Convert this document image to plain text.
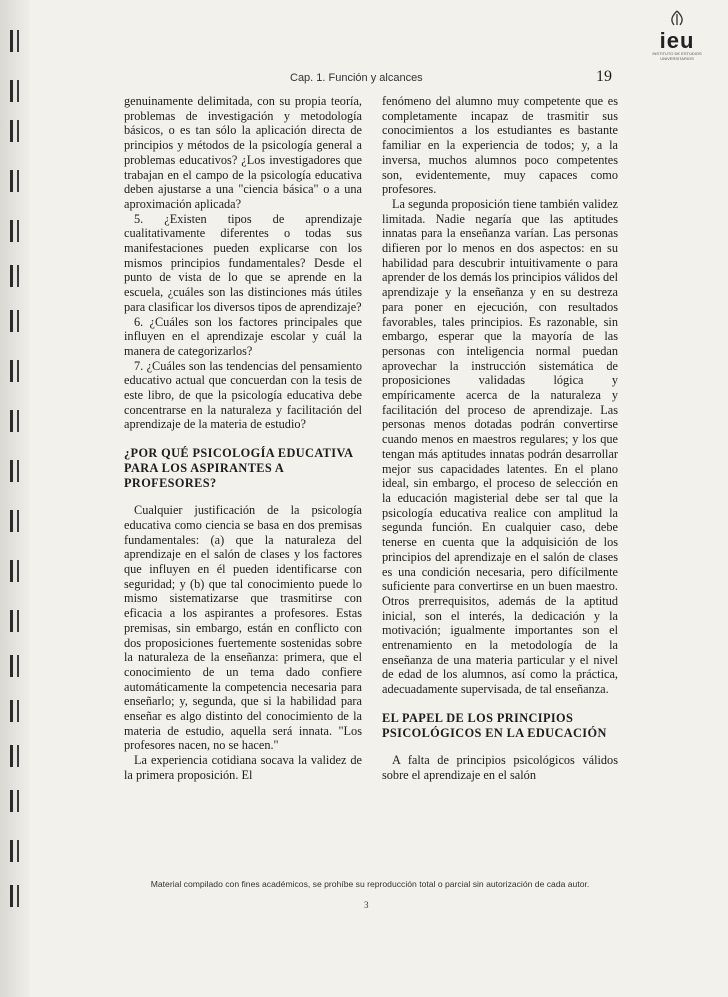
ieu
INSTITUTO DE ESTUDIOS UNIVERSITARIOS
Cap. 1. Función y alcances	19

genuinamente delimitada, con su propia teoría, problemas de investigación y metodología básicos, o es tan sólo la aplicación directa de principios y métodos de la psicología general a problemas educativos? ¿Los investigadores que trabajan en el campo de la psicología educativa deben ajustarse a una "ciencia básica" o a una aproximación aplicada?

5. ¿Existen tipos de aprendizaje cualitativamente diferentes o todas sus manifestaciones pueden explicarse con los mismos principios fundamentales? Desde el punto de vista de lo que se aprende en la escuela, ¿cuáles son las distinciones más útiles para clasificar los diversos tipos de aprendizaje?

6. ¿Cuáles son los factores principales que influyen en el aprendizaje escolar y cuál la manera de categorizarlos?

7. ¿Cuáles son las tendencias del pensamiento educativo actual que concuerdan con la tesis de este libro, de que la psicología educativa debe concentrarse en la naturaleza y facilitación del aprendizaje de la materia de estudio?

¿POR QUÉ PSICOLOGÍA EDUCATIVA PARA LOS ASPIRANTES A PROFESORES?

Cualquier justificación de la psicología educativa como ciencia se basa en dos premisas fundamentales: (a) que la naturaleza del aprendizaje en el salón de clases y los factores que influyen en él pueden identificarse con seguridad; y (b) que tal conocimiento puede lo mismo sistematizarse que trasmitirse con eficacia a los aspirantes a profesores. Estas premisas, sin embargo, están en conflicto con dos proposiciones fuertemente sostenidas sobre la naturaleza de la enseñanza: primera, que el conocimiento de un tema dado confiere automáticamente la competencia necesaria para enseñarlo; y, segunda, que si la habilidad para enseñar es algo distinto del conocimiento de la materia de estudio, aquella será innata. "Los profesores nacen, no se hacen."

La experiencia cotidiana socava la validez de la primera proposición. El

fenómeno del alumno muy competente que es completamente incapaz de trasmitir sus conocimientos a los estudiantes es bastante familiar en la experiencia de todos; y, a la inversa, muchos alumnos poco competentes son, evidentemente, muy capaces como profesores.

La segunda proposición tiene también validez limitada. Nadie negaría que las aptitudes innatas para la enseñanza varían. Las personas difieren por lo menos en dos aspectos: en su habilidad para descubrir intuitivamente o para aprender de los demás los principios válidos del aprendizaje y la enseñanza y en su destreza para poner en ejecución, con resultados favorables, tales principios. Es razonable, sin embargo, esperar que la mayoría de las personas con inteligencia normal puedan aprovechar la instrucción sistemática de proposiciones validadas lógica y empíricamente acerca de la naturaleza y facilitación del proceso de aprendizaje. Las personas menos dotadas podrán convertirse cuando menos en maestros regulares; y los que tengan más aptitudes innatas podrán desarrollar mejor sus capacidades latentes. En el plano ideal, sin embargo, el proceso de selección en la educación magisterial debe ser tal que la psicología educativa realice con amplitud la segunda función. En cualquier caso, debe tenerse en cuenta que la adquisición de los principios del aprendizaje en el salón de clases es una condición necesaria, pero difícilmente suficiente para convertirse en un buen maestro. Otros prerrequisitos, además de la aptitud inicial, son el interés, la dedicación y la motivación; igualmente importantes son el entrenamiento en la metodología de la enseñanza de una materia particular y el nivel de edad de los alumnos, así como la práctica, adecuadamente supervisada, de tal enseñanza.

EL PAPEL DE LOS PRINCIPIOS PSICOLÓGICOS EN LA EDUCACIÓN

A falta de principios psicológicos válidos sobre el aprendizaje en el salón

Material compilado con fines académicos, se prohíbe su reproducción total o parcial sin autorización de cada autor.
3
